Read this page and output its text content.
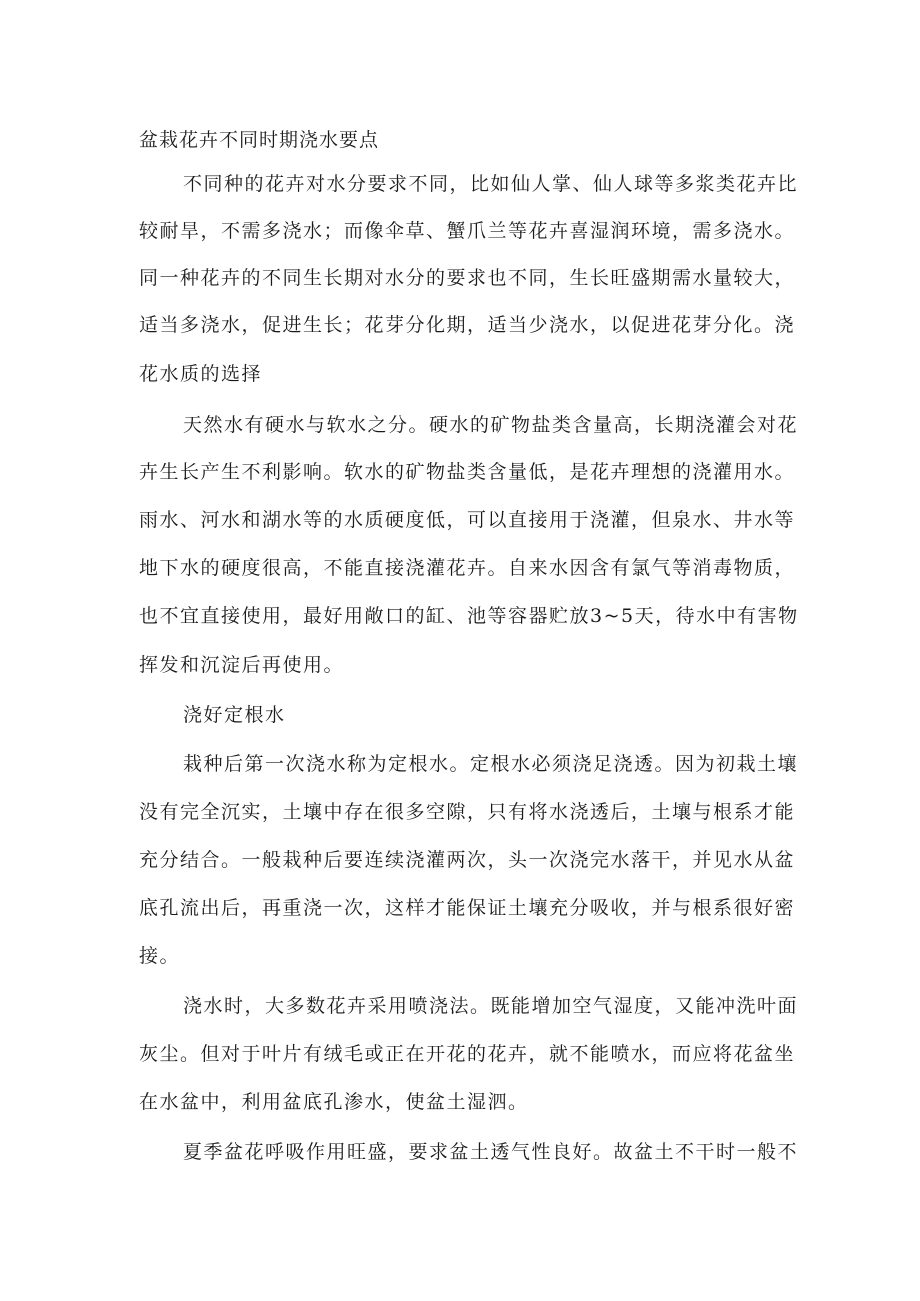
盆栽花卉不同时期浇水要点
不同种的花卉对水分要求不同，比如仙人掌、仙人球等多浆类花卉比
较耐旱，不需多浇水；而像伞草、蟹爪兰等花卉喜湿润环境，需多浇水。
同一种花卉的不同生长期对水分的要求也不同，生长旺盛期需水量较大，
适当多浇水，促进生长；花芽分化期，适当少浇水，以促进花芽分化。浇
花水质的选择
天然水有硬水与软水之分。硬水的矿物盐类含量高，长期浇灌会对花
卉生长产生不利影响。软水的矿物盐类含量低，是花卉理想的浇灌用水。
雨水、河水和湖水等的水质硬度低，可以直接用于浇灌，但泉水、井水等
地下水的硬度很高，不能直接浇灌花卉。自来水因含有氯气等消毒物质，
也不宜直接使用，最好用敞口的缸、池等容器贮放3~5天，待水中有害物
挥发和沉淀后再使用。
浇好定根水
栽种后第一次浇水称为定根水。定根水必须浇足浇透。因为初栽土壤
没有完全沉实，土壤中存在很多空隙，只有将水浇透后，土壤与根系才能
充分结合。一般栽种后要连续浇灌两次，头一次浇完水落干，并见水从盆
底孔流出后，再重浇一次，这样才能保证土壤充分吸收，并与根系很好密
接。
浇水时，大多数花卉采用喷浇法。既能增加空气湿度，又能冲洗叶面
灰尘。但对于叶片有绒毛或正在开花的花卉，就不能喷水，而应将花盆坐
在水盆中，利用盆底孔渗水，使盆土湿泗。
夏季盆花呼吸作用旺盛，要求盆土透气性良好。故盆土不干时一般不
